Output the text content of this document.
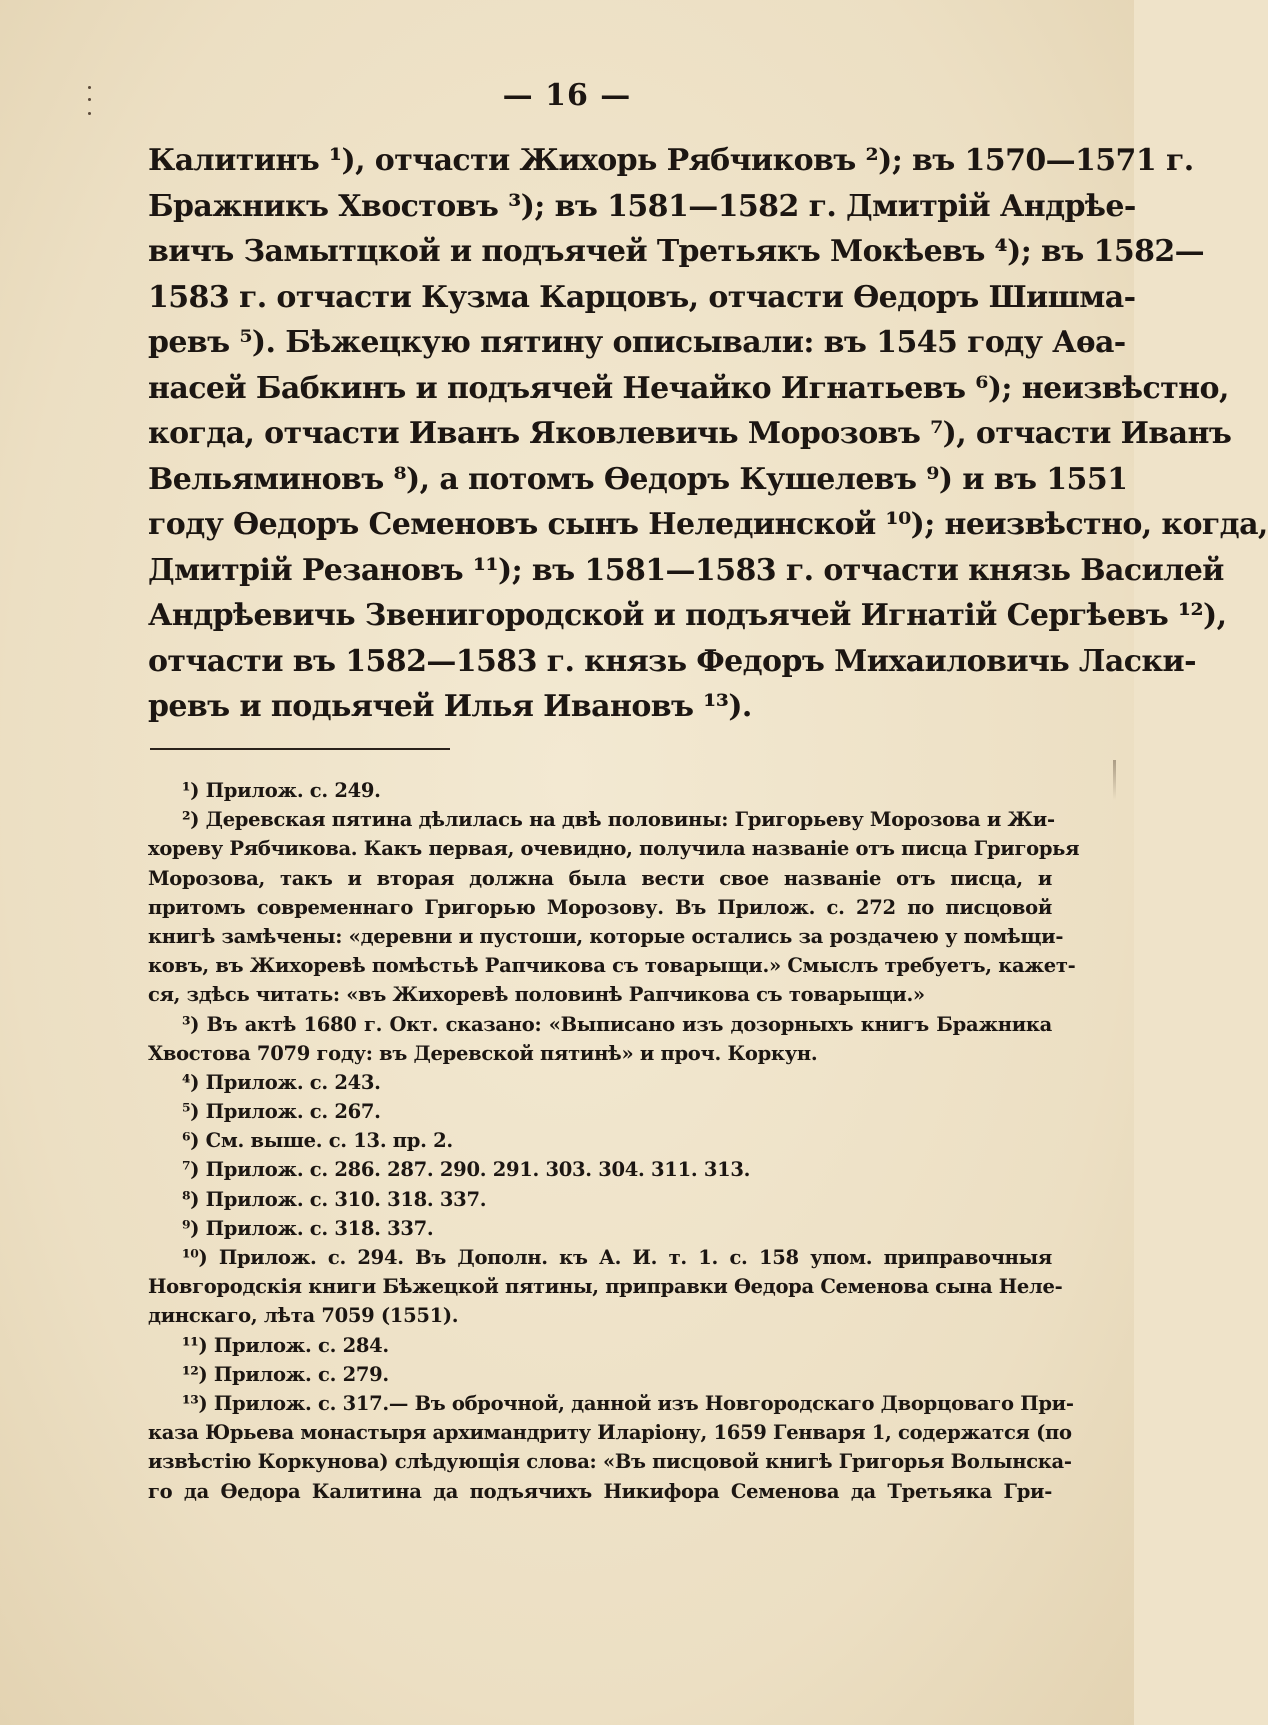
— 16 —
Калитинъ ¹), отчасти Жихорь Рябчиковъ ²); въ 1570—1571 г.
Бражникъ Хвостовъ ³); въ 1581—1582 г. Дмитрій Андрѣе-
вичъ Замытцкой и подъячей Третьякъ Мокѣевъ ⁴); въ 1582—
1583 г. отчасти Кузма Карцовъ, отчасти Ѳедоръ Шишма-
ревъ ⁵). Бѣжецкую пятину описывали: въ 1545 году Аѳа-
насей Бабкинъ и подъячей Нечайко Игнатьевъ ⁶); неизвѣстно,
когда, отчасти Иванъ Яковлевичь Морозовъ ⁷), отчасти Иванъ
Вельяминовъ ⁸), а потомъ Ѳедоръ Кушелевъ ⁹) и въ 1551
году Ѳедоръ Семеновъ сынъ Нелединской ¹⁰); неизвѣстно, когда,
Дмитрій Резановъ ¹¹); въ 1581—1583 г. отчасти князь Василей
Андрѣевичь Звенигородской и подъячей Игнатій Сергѣевъ ¹²),
отчасти въ 1582—1583 г. князь Федоръ Михаиловичь Ласки-
ревъ и подьячей Илья Ивановъ ¹³).
¹) Прилож. с. 249.
²) Деревская пятина дѣлилась на двѣ половины: Григорьеву Морозова и Жи-
хореву Рябчикова. Какъ первая, очевидно, получила названіе отъ писца Григорья
Морозова, такъ и вторая должна была вести свое названіе отъ писца, и
притомъ современнаго Григорью Морозову. Въ Прилож. с. 272 по писцовой
книгѣ замѣчены: «деревни и пустоши, которые остались за роздачею у помѣщи-
ковъ, въ Жихоревѣ помѣстьѣ Рапчикова съ товарыщи.» Смыслъ требуетъ, кажет-
ся, здѣсь читать: «въ Жихоревѣ половинѣ Рапчикова съ товарыщи.»
³) Въ актѣ 1680 г. Окт. сказано: «Выписано изъ дозорныхъ книгъ Бражника
Хвостова 7079 году: въ Деревской пятинѣ» и проч. Коркун.
⁴) Прилож. с. 243.
⁵) Прилож. с. 267.
⁶) См. выше. с. 13. пр. 2.
⁷) Прилож. с. 286. 287. 290. 291. 303. 304. 311. 313.
⁸) Прилож. с. 310. 318. 337.
⁹) Прилож. с. 318. 337.
¹⁰) Прилож. с. 294. Въ Дополн. къ А. И. т. 1. с. 158 упом. приправочныя
Новгородскія книги Бѣжецкой пятины, приправки Ѳедора Семенова сына Неле-
динскаго, лѣта 7059 (1551).
¹¹) Прилож. с. 284.
¹²) Прилож. с. 279.
¹³) Прилож. с. 317.— Въ оброчной, данной изъ Новгородскаго Дворцоваго При-
каза Юрьева монастыря архимандриту Иларіону, 1659 Генваря 1, содержатся (по
извѣстію Коркунова) слѣдующія слова: «Въ писцовой книгѣ Григорья Волынска-
го да Ѳедора Калитина да подъячихъ Никифора Семенова да Третьяка Гри-
